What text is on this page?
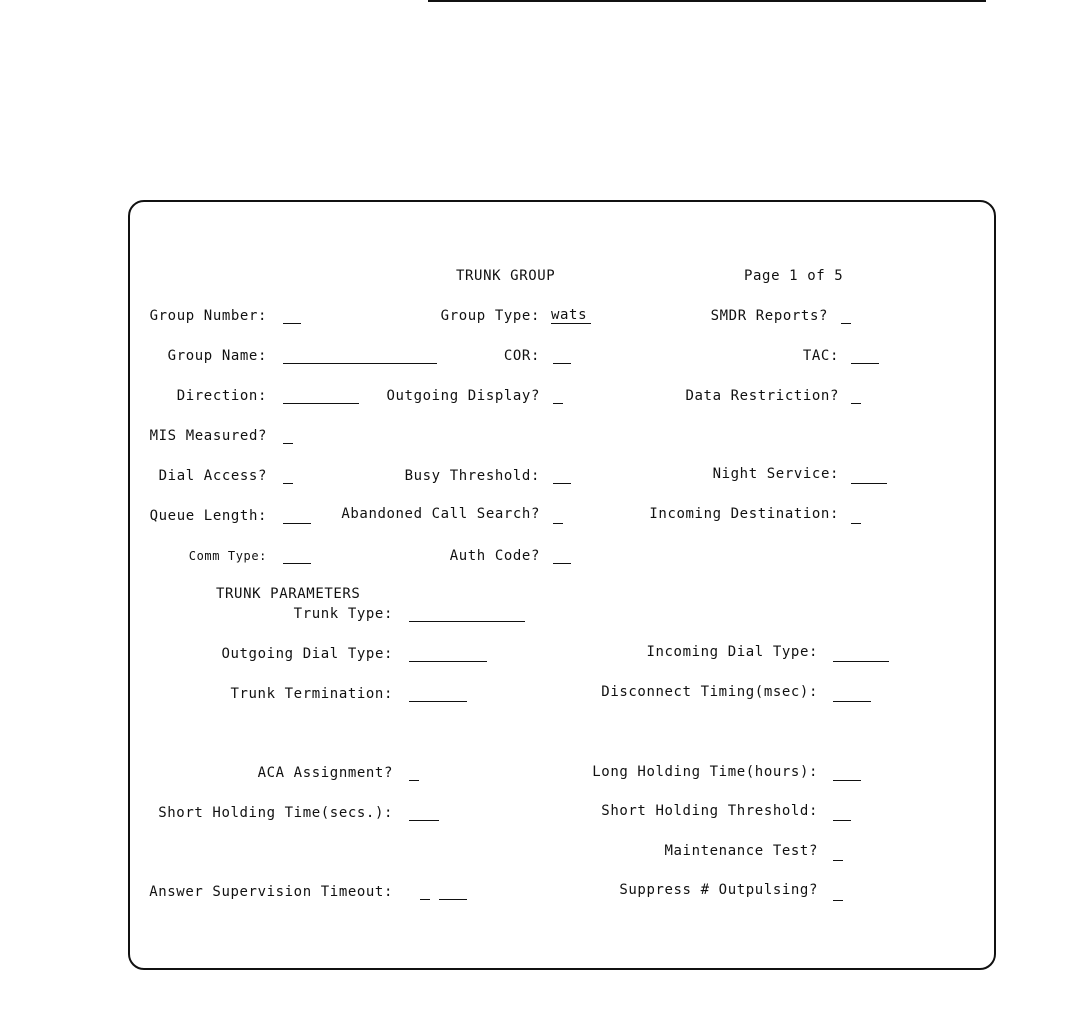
TRUNK GROUP	Page 1 of 5
Group Number:	Group Type: wats	SMDR Reports?
Group Name:	COR:	TAC:
Direction:	Outgoing Display?	Data Restriction?
MIS Measured?
Dial Access?	Busy Threshold:	Night Service:
Queue Length:	Abandoned Call Search?	Incoming Destination:
Comm Type:	Auth Code?
TRUNK PARAMETERS
Trunk Type:
Outgoing Dial Type:	Incoming Dial Type:
Trunk Termination:	Disconnect Timing(msec):
ACA Assignment?	Long Holding Time(hours):
Short Holding Time(secs.):	Short Holding Threshold:
Maintenance Test?
Answer Supervision Timeout:	Suppress # Outpulsing?
